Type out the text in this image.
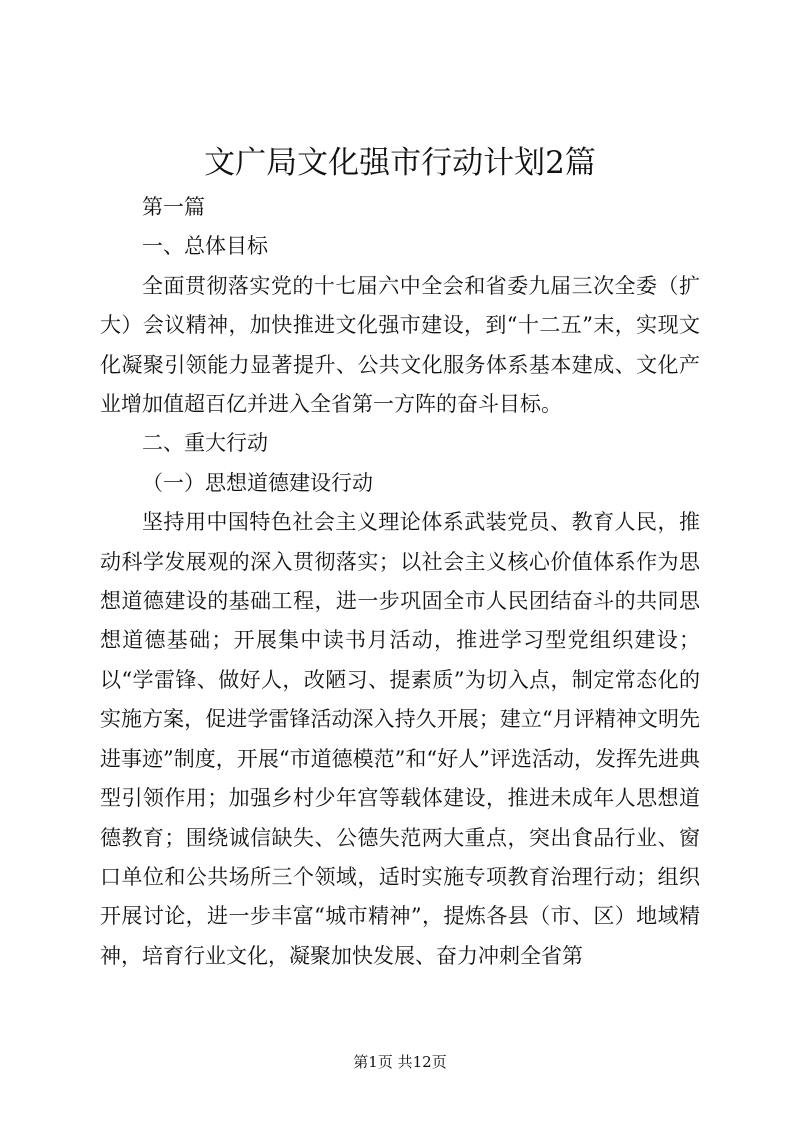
文广局文化强市行动计划2篇

第一篇

一、总体目标

全面贯彻落实党的十七届六中全会和省委九届三次全委（扩大）会议精神，加快推进文化强市建设，到“十二五”末，实现文化凝聚引领能力显著提升、公共文化服务体系基本建成、文化产业增加值超百亿并进入全省第一方阵的奋斗目标。

二、重大行动

（一）思想道德建设行动

坚持用中国特色社会主义理论体系武装党员、教育人民，推动科学发展观的深入贯彻落实；以社会主义核心价值体系作为思想道德建设的基础工程，进一步巩固全市人民团结奋斗的共同思想道德基础；开展集中读书月活动，推进学习型党组织建设；以“学雷锋、做好人，改陋习、提素质”为切入点，制定常态化的实施方案，促进学雷锋活动深入持久开展；建立“月评精神文明先进事迹”制度，开展“市道德模范”和“好人”评选活动，发挥先进典型引领作用；加强乡村少年宫等载体建设，推进未成年人思想道德教育；围绕诚信缺失、公德失范两大重点，突出食品行业、窗口单位和公共场所三个领域，适时实施专项教育治理行动；组织开展讨论，进一步丰富“城市精神”，提炼各县（市、区）地域精神，培育行业文化，凝聚加快发展、奋力冲刺全省第

第1页 共12页
